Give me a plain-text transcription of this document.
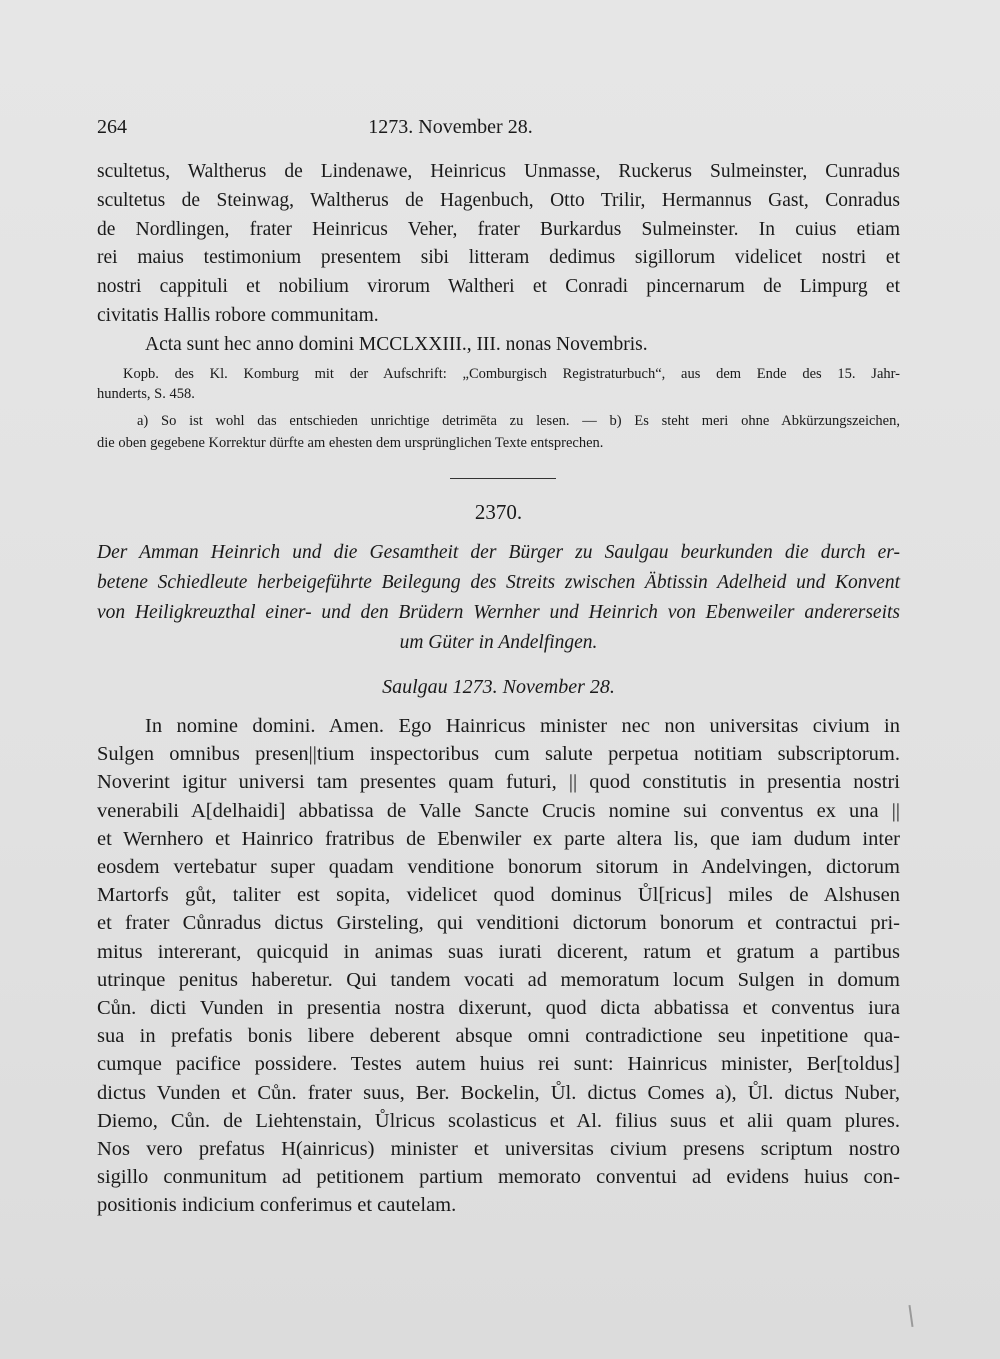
264	1273. November 28.

scultetus, Waltherus de Lindenawe, Heinricus Unmasse, Ruckerus Sulmeinster, Cunradus
scultetus de Steinwag, Waltherus de Hagenbuch, Otto Trilir, Hermannus Gast, Conradus
de Nordlingen, frater Heinricus Veher, frater Burkardus Sulmeinster. In cuius etiam
rei maius testimonium presentem sibi litteram dedimus sigillorum videlicet nostri et
nostri cappituli et nobilium virorum Waltheri et Conradi pincernarum de Limpurg et
civitatis Hallis robore communitam.
Acta sunt hec anno domini MCCLXXIII., III. nonas Novembris.

Kopb. des Kl. Komburg mit der Aufschrift: „Comburgisch Registraturbuch“, aus dem Ende des 15. Jahr-
hunderts, S. 458.

a) So ist wohl das entschieden unrichtige detrimēta zu lesen. — b) Es steht meri ohne Abkürzungszeichen,
die oben gegebene Korrektur dürfte am ehesten dem ursprünglichen Texte entsprechen.
2370.
Der Amman Heinrich und die Gesamtheit der Bürger zu Saulgau beurkunden die durch er-
betene Schiedleute herbeigeführte Beilegung des Streits zwischen Äbtissin Adelheid und Konvent
von Heiligkreuzthal einer- und den Brüdern Wernher und Heinrich von Ebenweiler andererseits
um Güter in Andelfingen.
Saulgau 1273. November 28.
In nomine domini. Amen. Ego Hainricus minister nec non universitas civium in
Sulgen omnibus presen||tium inspectoribus cum salute perpetua notitiam subscriptorum.
Noverint igitur universi tam presentes quam futuri, || quod constitutis in presentia nostri
venerabili A[delhaidi] abbatissa de Valle Sancte Crucis nomine sui conventus ex una ||
et Wernhero et Hainrico fratribus de Ebenwiler ex parte altera lis, que iam dudum inter
eosdem vertebatur super quadam venditione bonorum sitorum in Andelvingen, dictorum
Martorfs gůt, taliter est sopita, videlicet quod dominus Ůl[ricus] miles de Alshusen
et frater Cůnradus dictus Girsteling, qui venditioni dictorum bonorum et contractui pri-
mitus intererant, quicquid in animas suas iurati dicerent, ratum et gratum a partibus
utrinque penitus haberetur. Qui tandem vocati ad memoratum locum Sulgen in domum
Cůn. dicti Vunden in presentia nostra dixerunt, quod dicta abbatissa et conventus iura
sua in prefatis bonis libere deberent absque omni contradictione seu inpetitione qua-
cumque pacifice possidere. Testes autem huius rei sunt: Hainricus minister, Ber[toldus]
dictus Vunden et Cůn. frater suus, Ber. Bockelin, Ůl. dictus Comes a), Ůl. dictus Nuber,
Diemo, Cůn. de Liehtenstain, Ůlricus scolasticus et Al. filius suus et alii quam plures.
Nos vero prefatus H(ainricus) minister et universitas civium presens scriptum nostro
sigillo conmunitum ad petitionem partium memorato conventui ad evidens huius con-
positionis indicium conferimus et cautelam.
